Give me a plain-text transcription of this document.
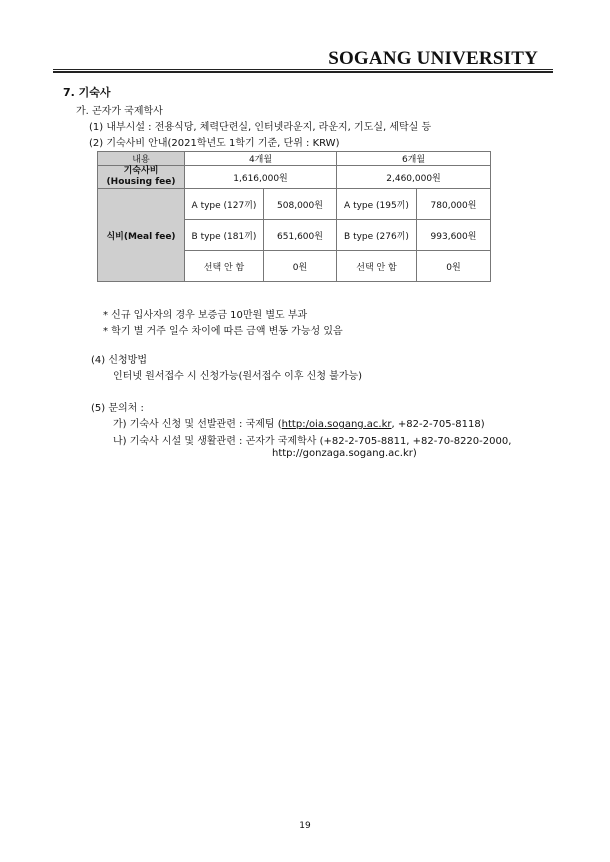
SOGANG UNIVERSITY
7. 기숙사
가. 곤자가 국제학사
(1) 내부시설 : 전용식당, 체력단련실, 인터넷라운지, 라운지, 기도실, 세탁실 등
(2) 기숙사비 안내(2021학년도 1학기 기준, 단위 : KRW)
내용	4개월		6개월	

기숙사비
(Housing fee)	1,616,000원		2,460,000원	
식비(Meal fee)	A type (127끼)	508,000원	A type (195끼)	780,000원
	B type (181끼)	651,600원	B type (276끼)	993,600원
	선택 안 함	0원	선택 안 함	0원
* 신규 입사자의 경우 보증금 10만원 별도 부과
* 학기 별 거주 일수 차이에 따른 금액 변동 가능성 있음
(4) 신청방법
인터넷 원서접수 시 신청가능(원서접수 이후 신청 불가능)
(5) 문의처 :
가) 기숙사 신청 및 선발관련 : 국제팀 (http:/oia.sogang.ac.kr, +82-2-705-8118)
나) 기숙사 시설 및 생활관련 : 곤자가 국제학사 (+82-2-705-8811, +82-70-8220-2000,
http://gonzaga.sogang.ac.kr)
19
